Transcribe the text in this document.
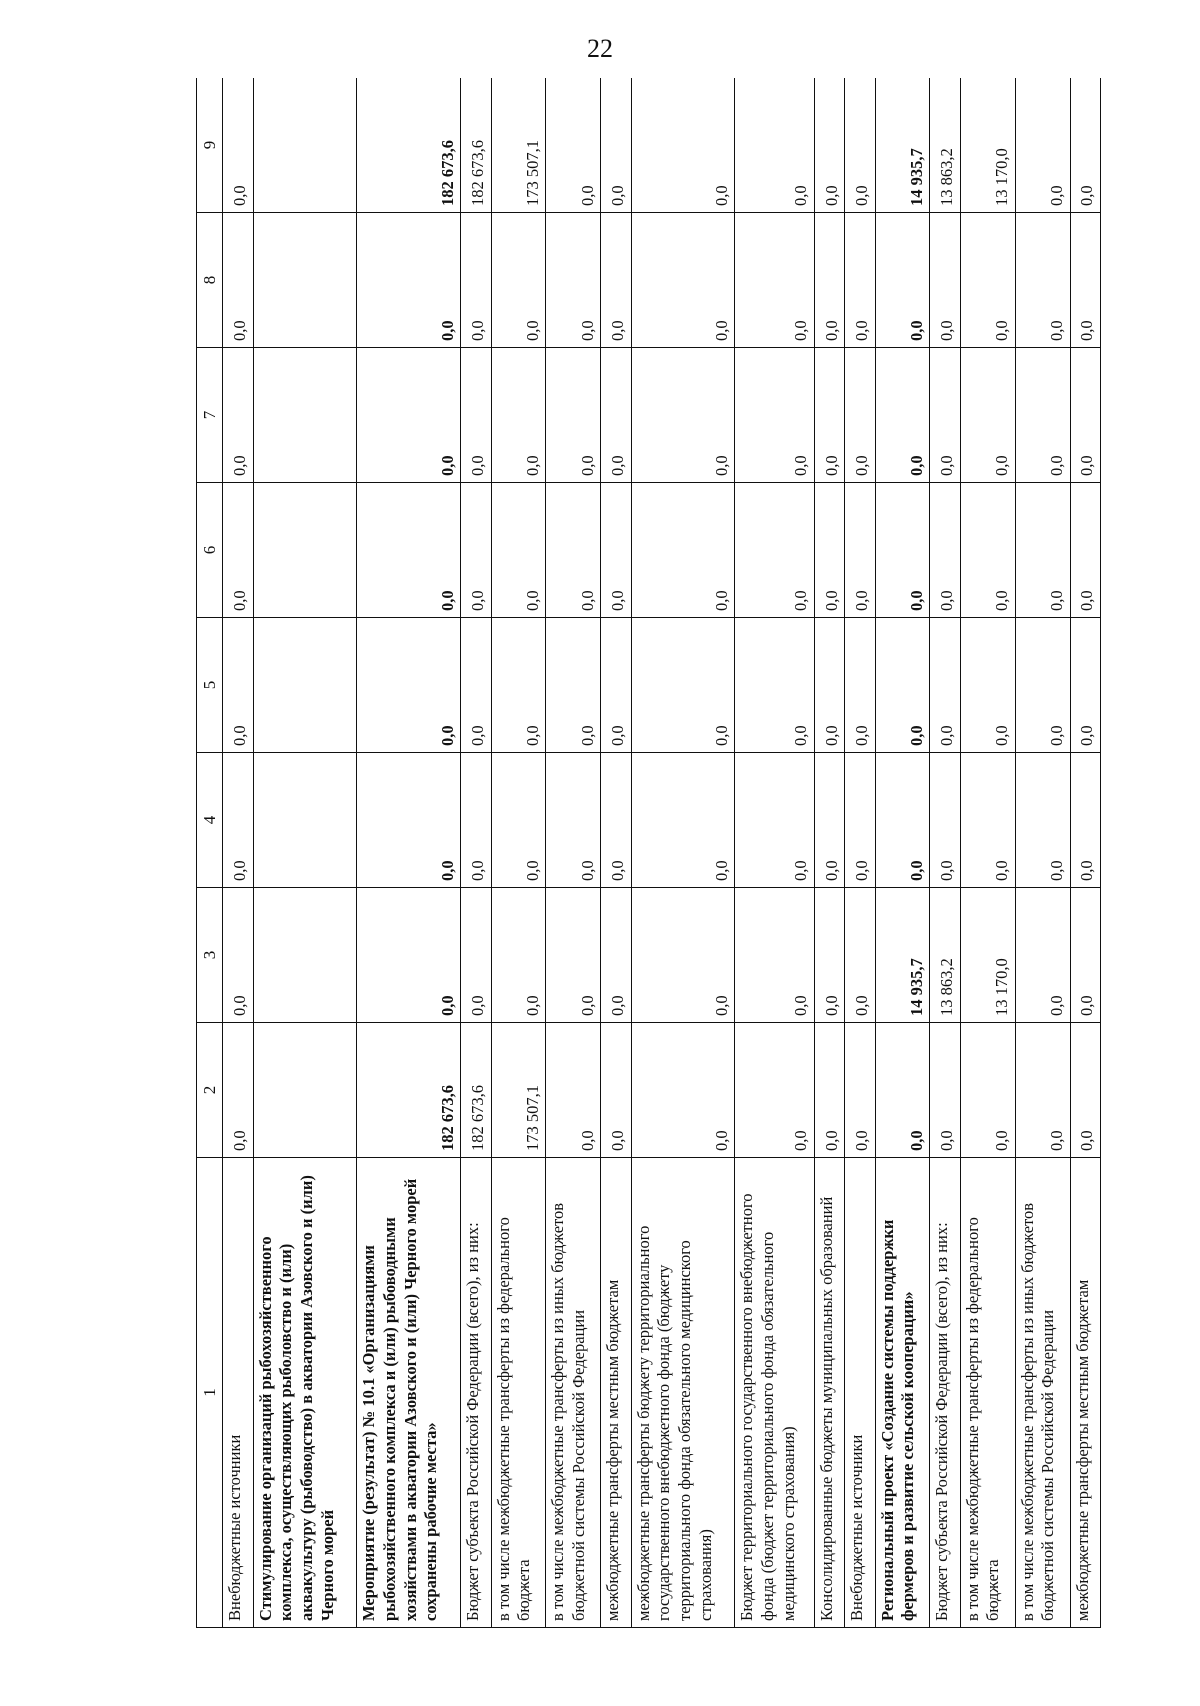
22
1	2	3	4	5	6	7	8	9
Внебюджетные источники	0,0	0,0	0,0	0,0	0,0	0,0	0,0	0,0
Стимулирование организаций рыбохозяйственного комплекса, осуществляющих рыболовство и (или) аквакультуру (рыбоводство) в акватории Азовского и (или) Черного морей								
Мероприятие (результат) № 10.1 «Организациями рыбохозяйственного комплекса и (или) рыбоводными хозяйствами в акватории Азовского и (или) Черного морей сохранены рабочие места»	182 673,6	0,0	0,0	0,0	0,0	0,0	0,0	182 673,6
Бюджет субъекта Российской Федерации (всего), из них:	182 673,6	0,0	0,0	0,0	0,0	0,0	0,0	182 673,6
в том числе межбюджетные трансферты из федерального бюджета	173 507,1	0,0	0,0	0,0	0,0	0,0	0,0	173 507,1
в том числе межбюджетные трансферты из иных бюджетов бюджетной системы Российской Федерации	0,0	0,0	0,0	0,0	0,0	0,0	0,0	0,0
межбюджетные трансферты местным бюджетам	0,0	0,0	0,0	0,0	0,0	0,0	0,0	0,0
межбюджетные трансферты бюджету территориального государственного внебюджетного фонда (бюджету территориального фонда обязательного медицинского страхования)	0,0	0,0	0,0	0,0	0,0	0,0	0,0	0,0
Бюджет территориального государственного внебюджетного фонда (бюджет территориального фонда обязательного медицинского страхования)	0,0	0,0	0,0	0,0	0,0	0,0	0,0	0,0
Консолидированные бюджеты муниципальных образований	0,0	0,0	0,0	0,0	0,0	0,0	0,0	0,0
Внебюджетные источники	0,0	0,0	0,0	0,0	0,0	0,0	0,0	0,0
Региональный проект «Создание системы поддержки фермеров и развитие сельской кооперации»	0,0	14 935,7	0,0	0,0	0,0	0,0	0,0	14 935,7
Бюджет субъекта Российской Федерации (всего), из них:	0,0	13 863,2	0,0	0,0	0,0	0,0	0,0	13 863,2
в том числе межбюджетные трансферты из федерального бюджета	0,0	13 170,0	0,0	0,0	0,0	0,0	0,0	13 170,0
в том числе межбюджетные трансферты из иных бюджетов бюджетной системы Российской Федерации	0,0	0,0	0,0	0,0	0,0	0,0	0,0	0,0
межбюджетные трансферты местным бюджетам	0,0	0,0	0,0	0,0	0,0	0,0	0,0	0,0
